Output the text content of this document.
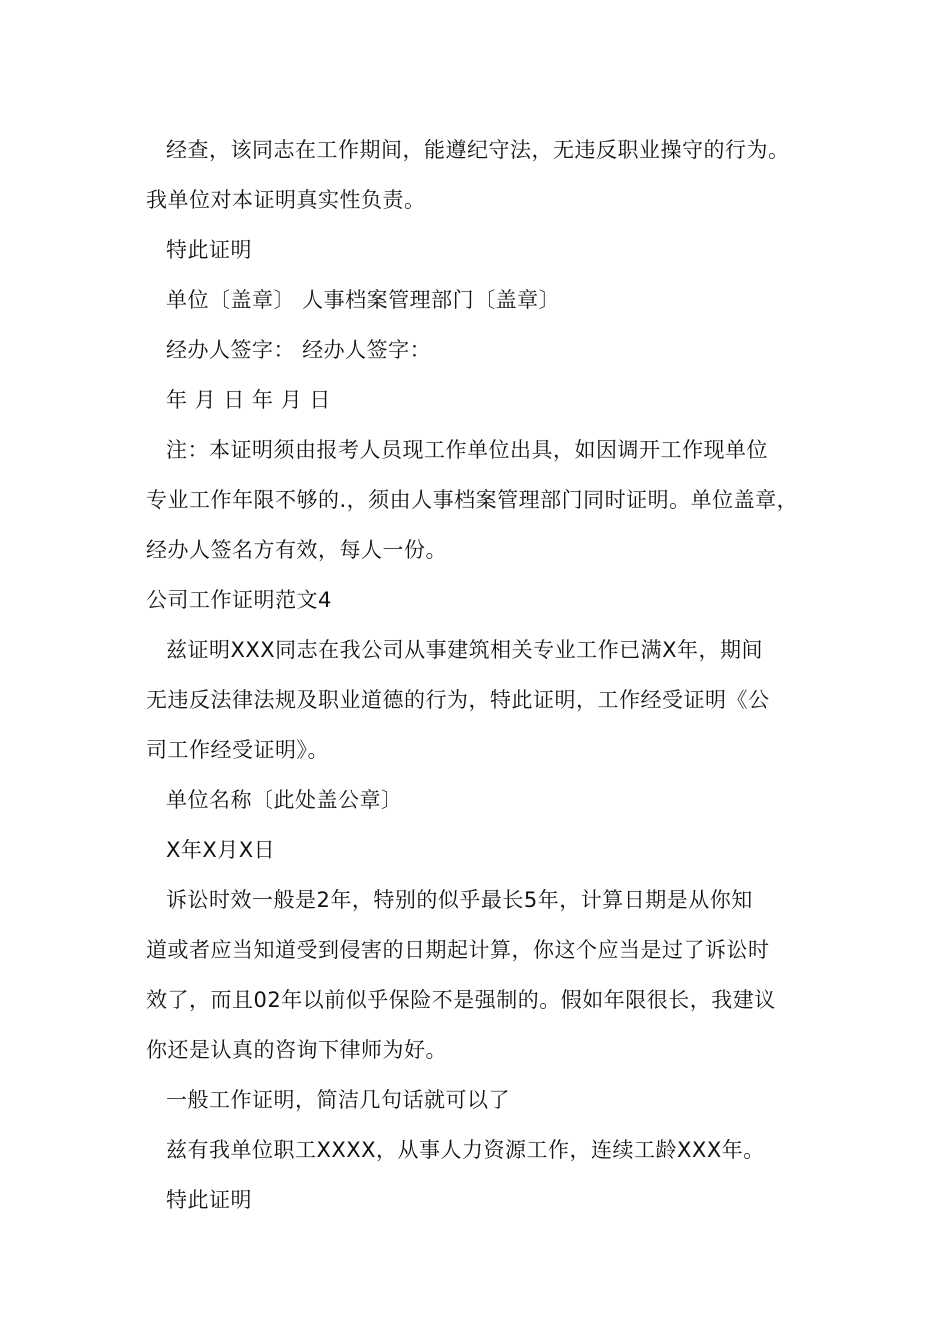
经查，该同志在工作期间，能遵纪守法，无违反职业操守的行为。
我单位对本证明真实性负责。
特此证明
单位〔盖章〕 人事档案管理部门〔盖章〕
经办人签字： 经办人签字：
年 月 日 年 月 日
注：本证明须由报考人员现工作单位出具，如因调开工作现单位
专业工作年限不够的.，须由人事档案管理部门同时证明。单位盖章，
经办人签名方有效，每人一份。
公司工作证明范文4
兹证明XXX同志在我公司从事建筑相关专业工作已满X年，期间
无违反法律法规及职业道德的行为，特此证明，工作经受证明《公
司工作经受证明》。
单位名称〔此处盖公章〕
X年X月X日
诉讼时效一般是2年，特别的似乎最长5年，计算日期是从你知
道或者应当知道受到侵害的日期起计算，你这个应当是过了诉讼时
效了，而且02年以前似乎保险不是强制的。假如年限很长，我建议
你还是认真的咨询下律师为好。
一般工作证明，简洁几句话就可以了
兹有我单位职工XXXX，从事人力资源工作，连续工龄XXX年。
特此证明
